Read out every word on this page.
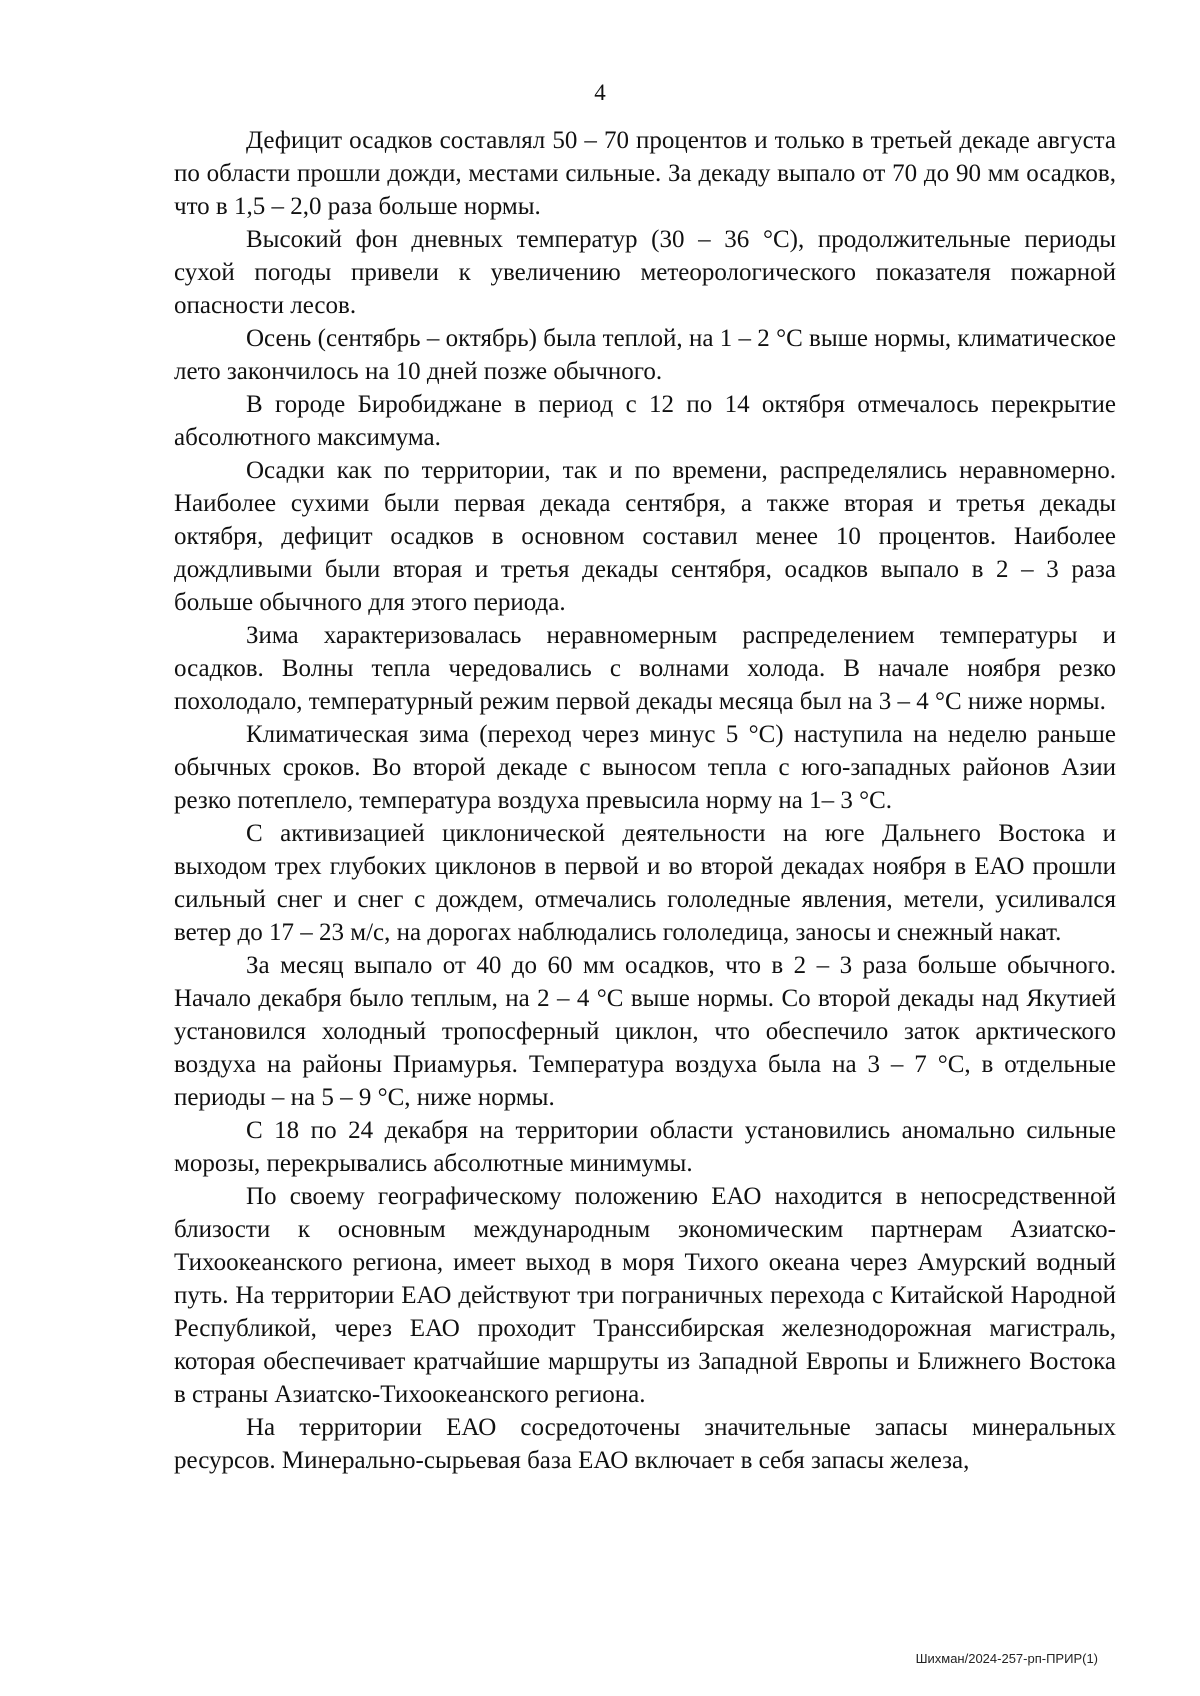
4

Дефицит осадков составлял 50 – 70 процентов и только в третьей декаде августа по области прошли дожди, местами сильные. За декаду выпало от 70 до 90 мм осадков, что в 1,5 – 2,0 раза больше нормы.

Высокий фон дневных температур (30 – 36 °С), продолжительные периоды сухой погоды привели к увеличению метеорологического показателя пожарной опасности лесов.

Осень (сентябрь – октябрь) была теплой, на 1 – 2 °С выше нормы, климатическое лето закончилось на 10 дней позже обычного.

В городе Биробиджане в период с 12 по 14 октября отмечалось перекрытие абсолютного максимума.

Осадки как по территории, так и по времени, распределялись неравномерно. Наиболее сухими были первая декада сентября, а также вторая и третья декады октября, дефицит осадков в основном составил менее 10 процентов. Наиболее дождливыми были вторая и третья декады сентября, осадков выпало в 2 – 3 раза больше обычного для этого периода.

Зима характеризовалась неравномерным распределением температуры и осадков. Волны тепла чередовались с волнами холода. В начале ноября резко похолодало, температурный режим первой декады месяца был на 3 – 4 °С ниже нормы.

Климатическая зима (переход через минус 5 °С) наступила на неделю раньше обычных сроков. Во второй декаде с выносом тепла с юго-западных районов Азии резко потеплело, температура воздуха превысила норму на 1– 3 °С.

С активизацией циклонической деятельности на юге Дальнего Востока и выходом трех глубоких циклонов в первой и во второй декадах ноября в ЕАО прошли сильный снег и снег с дождем, отмечались гололедные явления, метели, усиливался ветер до 17 – 23 м/с, на дорогах наблюдались гололедица, заносы и снежный накат.

За месяц выпало от 40 до 60 мм осадков, что в 2 – 3 раза больше обычного. Начало декабря было теплым, на 2 – 4 °С выше нормы. Со второй декады над Якутией установился холодный тропосферный циклон, что обеспечило заток арктического воздуха на районы Приамурья. Температура воздуха была на 3 – 7 °С, в отдельные периоды – на 5 – 9 °С, ниже нормы.

С 18 по 24 декабря на территории области установились аномально сильные морозы, перекрывались абсолютные минимумы.

По своему географическому положению ЕАО находится в непосредственной близости к основным международным экономическим партнерам Азиатско-Тихоокеанского региона, имеет выход в моря Тихого океана через Амурский водный путь. На территории ЕАО действуют три пограничных перехода с Китайской Народной Республикой, через ЕАО проходит Транссибирская железнодорожная магистраль, которая обеспечивает кратчайшие маршруты из Западной Европы и Ближнего Востока в страны Азиатско-Тихоокеанского региона.

На территории ЕАО сосредоточены значительные запасы минеральных ресурсов. Минерально-сырьевая база ЕАО включает в себя запасы железа,

Шихман/2024-257-рп-ПРИР(1)
